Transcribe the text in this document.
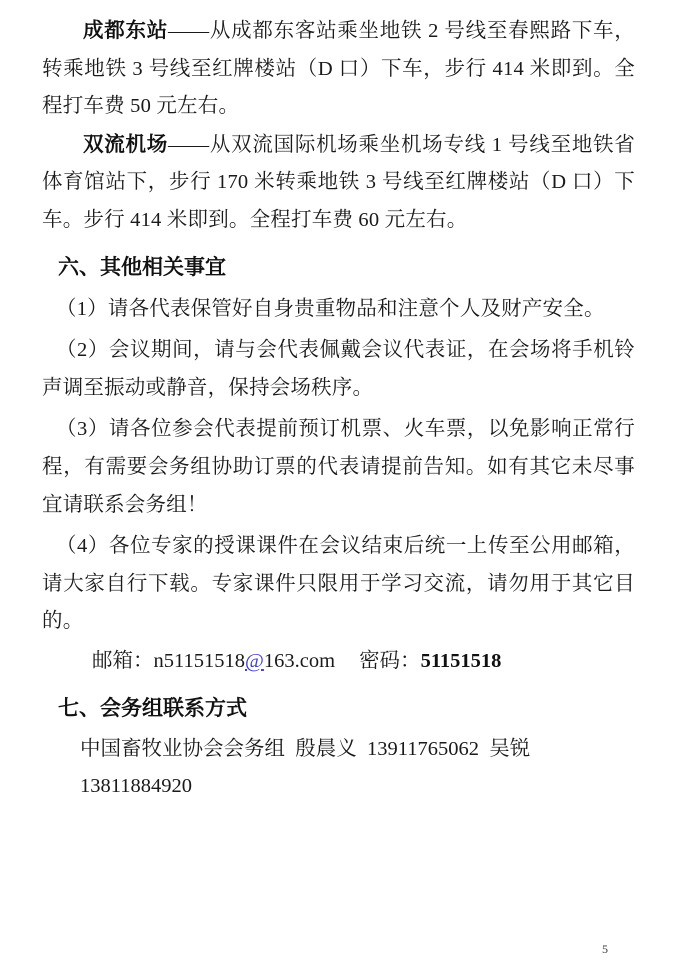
成都东站——从成都东客站乘坐地铁 2 号线至春熙路下车，转乘地铁 3 号线至红牌楼站（D 口）下车，步行 414 米即到。全程打车费 50 元左右。

双流机场——从双流国际机场乘坐机场专线 1 号线至地铁省体育馆站下，步行 170 米转乘地铁 3 号线至红牌楼站（D 口）下车。步行 414 米即到。全程打车费 60 元左右。

六、其他相关事宜

（1）请各代表保管好自身贵重物品和注意个人及财产安全。

（2）会议期间，请与会代表佩戴会议代表证，在会场将手机铃声调至振动或静音，保持会场秩序。

（3）请各位参会代表提前预订机票、火车票，以免影响正常行程，有需要会务组协助订票的代表请提前告知。如有其它未尽事宜请联系会务组！

（4）各位专家的授课课件在会议结束后统一上传至公用邮箱，请大家自行下载。专家课件只限用于学习交流，请勿用于其它目的。

邮箱：n51151518@163.com 密码：51151518

七、会务组联系方式

中国畜牧业协会会务组 殷晨义 13911765062 吴锐 13811884920

5
